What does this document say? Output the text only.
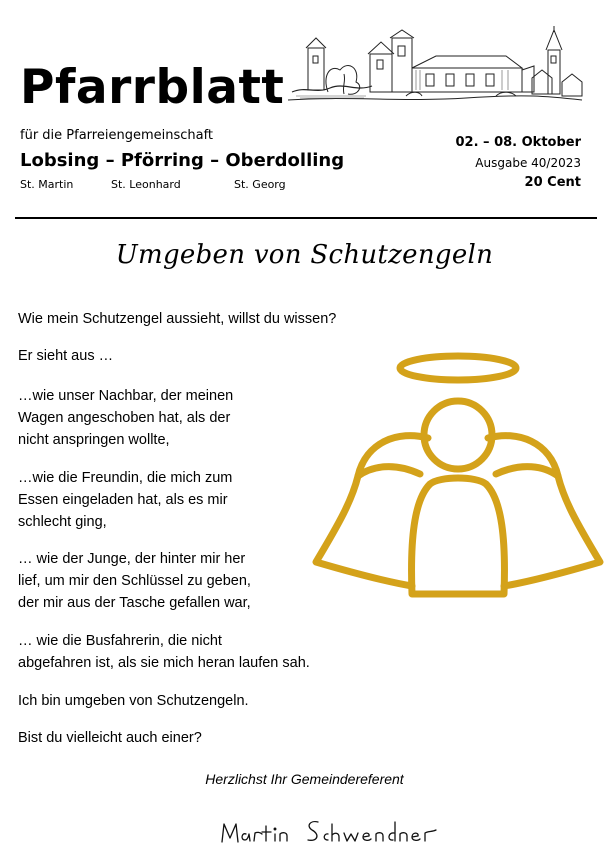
Pfarrblatt
für die Pfarreiengemeinschaft
Lobsing – Pförring – Oberdolling
St. Martin	St. Leonhard	St. Georg
02. – 08. Oktober
Ausgabe 40/2023
20 Cent
Umgeben von Schutzengeln

Wie mein Schutzengel aussieht, willst du wissen?

Er sieht aus …

…wie unser Nachbar, der meinen
Wagen angeschoben hat, als der
nicht anspringen wollte,

…wie die Freundin, die mich zum
Essen eingeladen hat, als es mir
schlecht ging,

… wie der Junge, der hinter mir her
lief, um mir den Schlüssel zu geben,
der mir aus der Tasche gefallen war,

… wie die Busfahrerin, die nicht
abgefahren ist, als sie mich heran laufen sah.

Ich bin umgeben von Schutzengeln.

Bist du vielleicht auch einer?

Herzlichst Ihr Gemeindereferent
